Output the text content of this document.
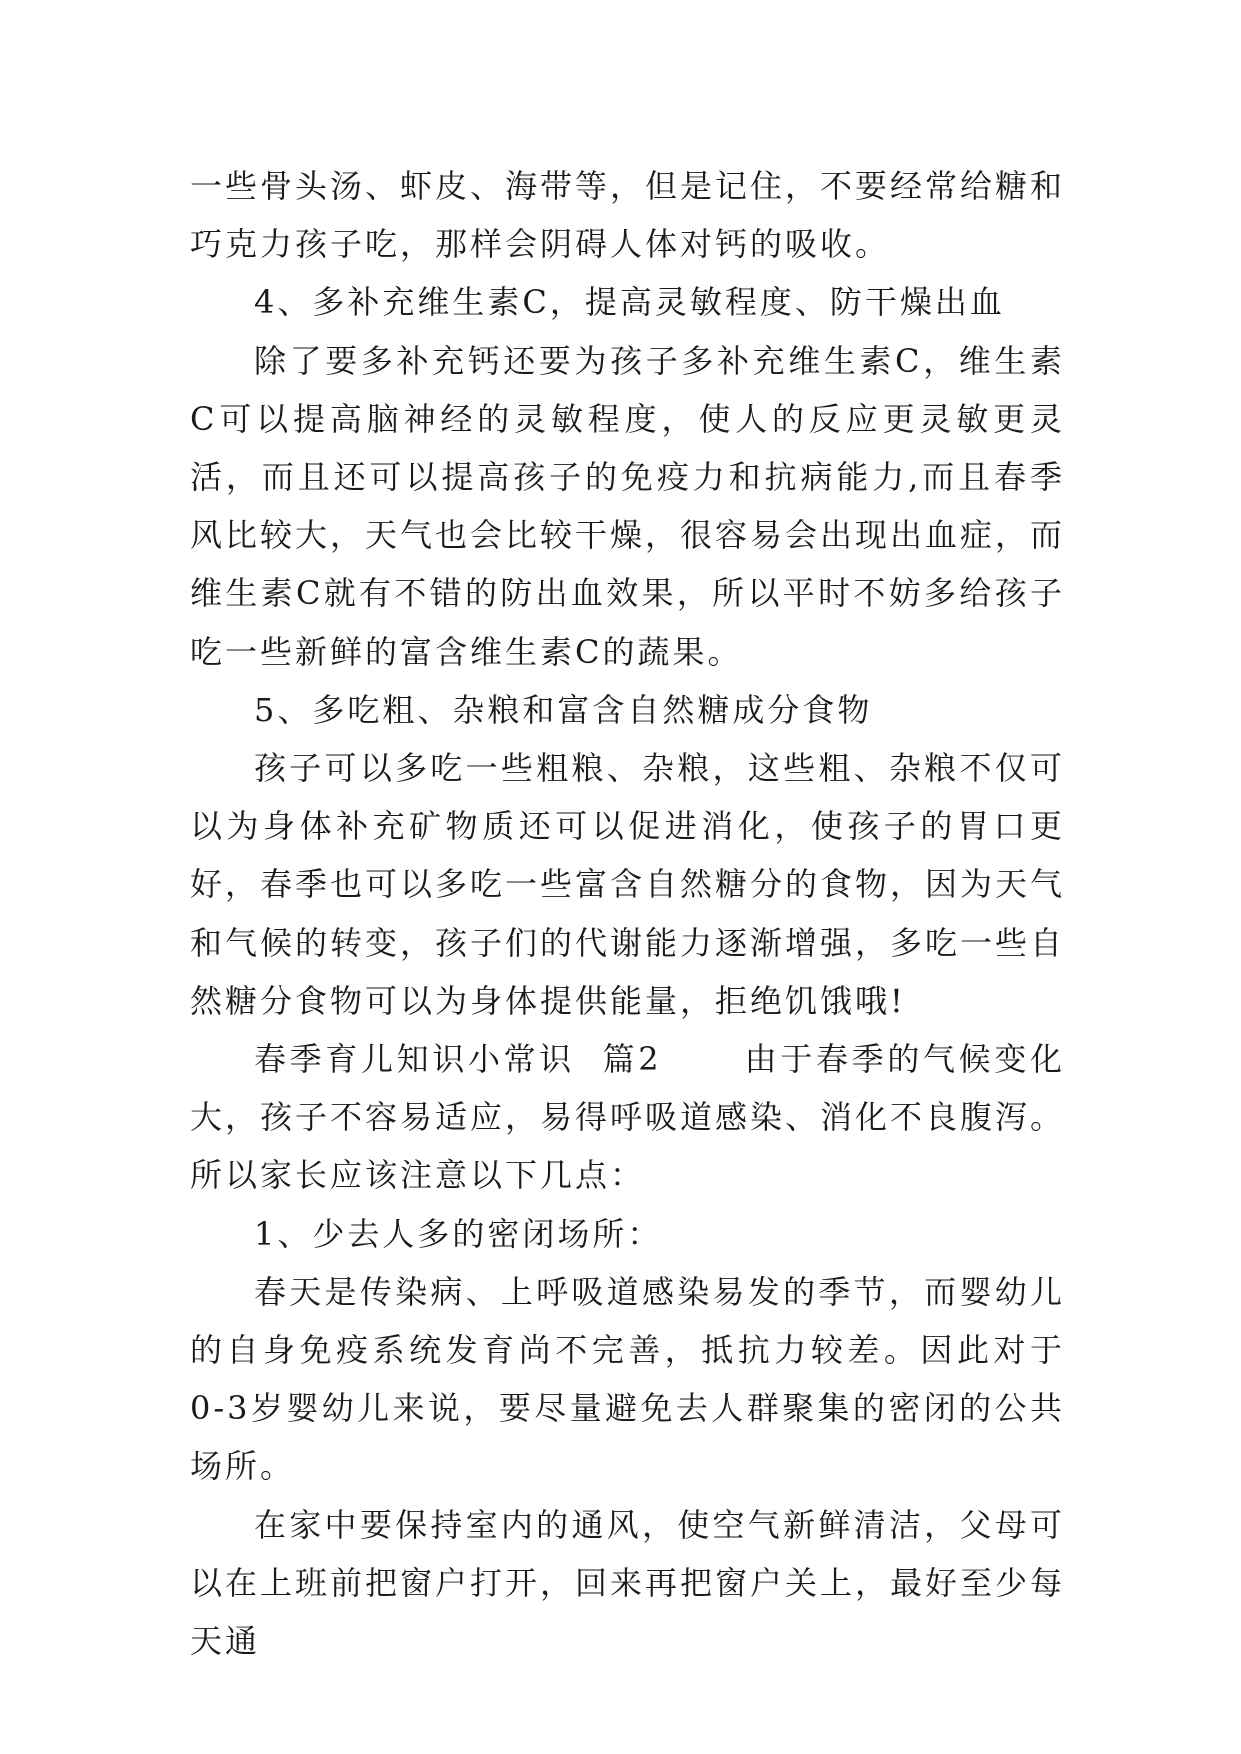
一些骨头汤、虾皮、海带等，但是记住，不要经常给糖和巧克力孩子吃，那样会阴碍人体对钙的吸收。

4、多补充维生素C，提高灵敏程度、防干燥出血

除了要多补充钙还要为孩子多补充维生素C，维生素C可以提高脑神经的灵敏程度，使人的反应更灵敏更灵活，而且还可以提高孩子的免疫力和抗病能力,而且春季风比较大，天气也会比较干燥，很容易会出现出血症，而维生素C就有不错的防出血效果，所以平时不妨多给孩子吃一些新鲜的富含维生素C的蔬果。

5、多吃粗、杂粮和富含自然糖成分食物

孩子可以多吃一些粗粮、杂粮，这些粗、杂粮不仅可以为身体补充矿物质还可以促进消化，使孩子的胃口更好，春季也可以多吃一些富含自然糖分的食物，因为天气和气候的转变，孩子们的代谢能力逐渐增强，多吃一些自然糖分食物可以为身体提供能量，拒绝饥饿哦!

春季育儿知识小常识  篇2      由于春季的气候变化大，孩子不容易适应，易得呼吸道感染、消化不良腹泻。所以家长应该注意以下几点：

1、少去人多的密闭场所：

春天是传染病、上呼吸道感染易发的季节，而婴幼儿的自身免疫系统发育尚不完善，抵抗力较差。因此对于0-3岁婴幼儿来说，要尽量避免去人群聚集的密闭的公共场所。

在家中要保持室内的通风，使空气新鲜清洁，父母可以在上班前把窗户打开，回来再把窗户关上，最好至少每天通
